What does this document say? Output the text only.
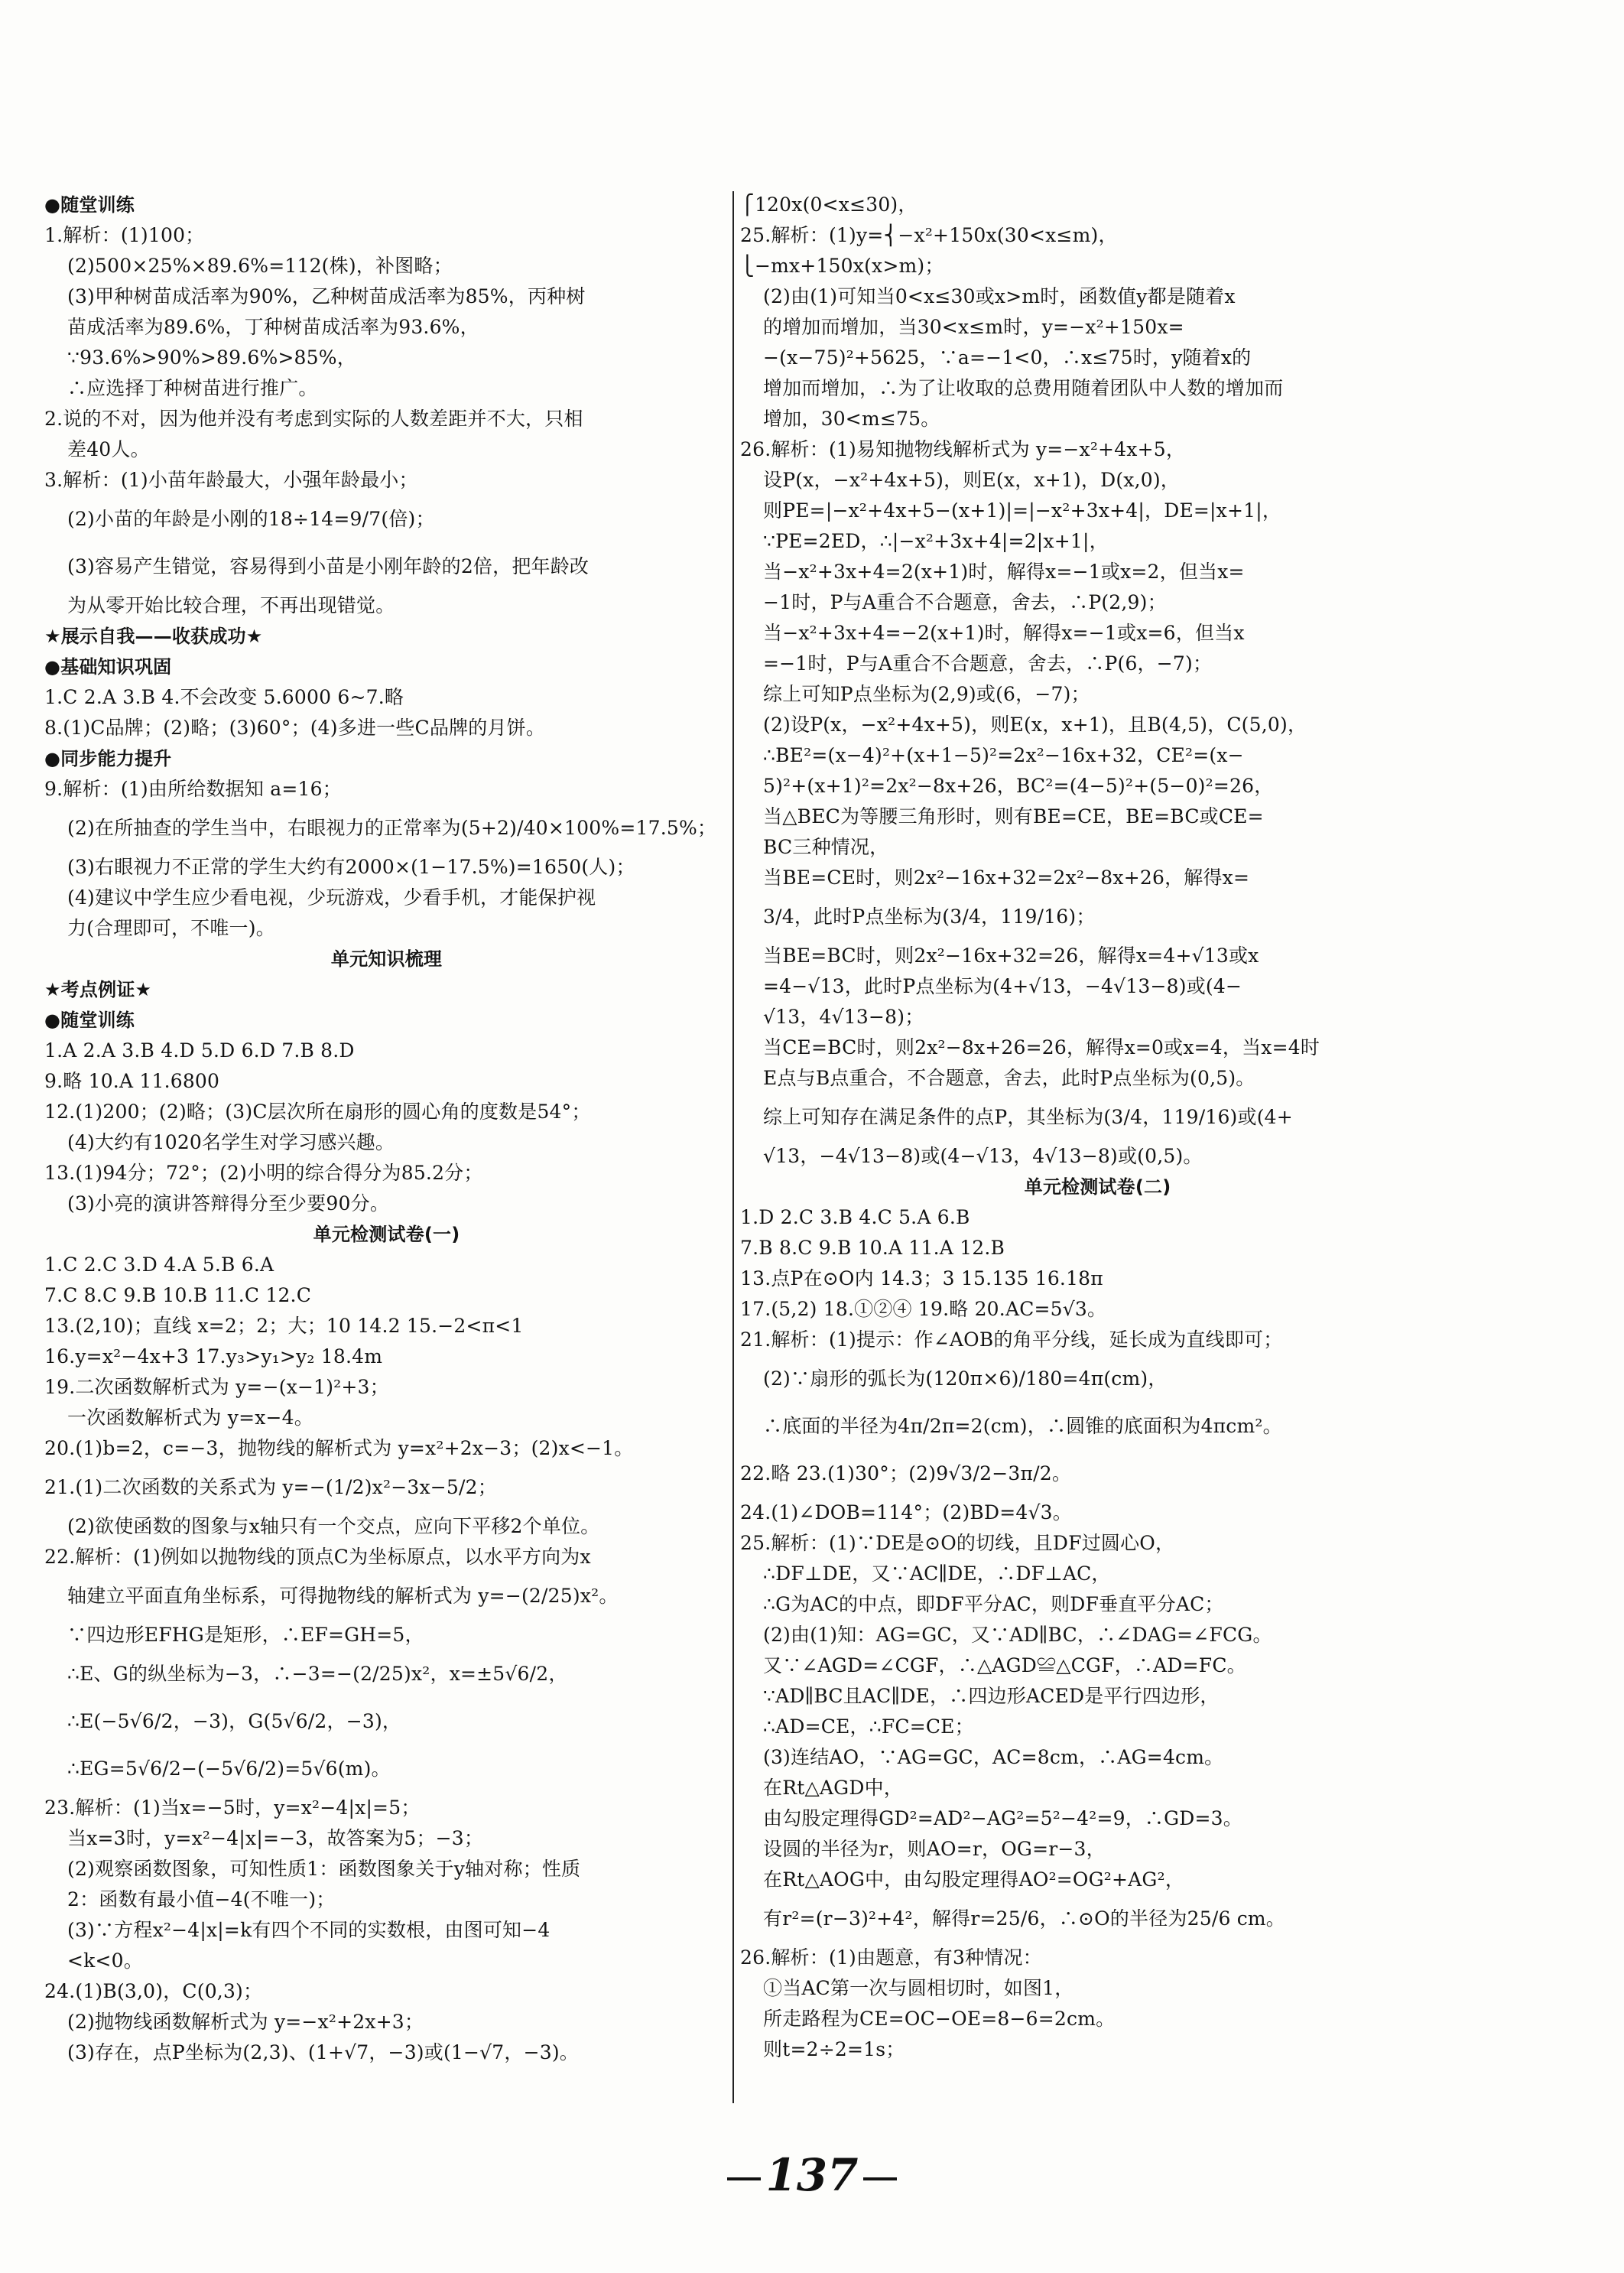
●随堂训练
1.解析：(1)100；
(2)500×25%×89.6%=112(株)，补图略；
(3)甲种树苗成活率为90%，乙种树苗成活率为85%，丙种树
苗成活率为89.6%，丁种树苗成活率为93.6%，
∵93.6%>90%>89.6%>85%，
∴应选择丁种树苗进行推广。
2.说的不对，因为他并没有考虑到实际的人数差距并不大，只相
差40人。
3.解析：(1)小苗年龄最大，小强年龄最小；
(2)小苗的年龄是小刚的18÷14=9/7(倍)；
(3)容易产生错觉，容易得到小苗是小刚年龄的2倍，把年龄改
为从零开始比较合理，不再出现错觉。
★展示自我——收获成功★
●基础知识巩固
1.C 2.A 3.B 4.不会改变 5.6000 6~7.略
8.(1)C品牌；(2)略；(3)60°；(4)多进一些C品牌的月饼。
●同步能力提升
9.解析：(1)由所给数据知 a=16；
(2)在所抽查的学生当中，右眼视力的正常率为(5+2)/40×100%=17.5%；
(3)右眼视力不正常的学生大约有2000×(1−17.5%)=1650(人)；
(4)建议中学生应少看电视，少玩游戏，少看手机，才能保护视
力(合理即可，不唯一)。
单元知识梳理
★考点例证★
●随堂训练
1.A 2.A 3.B 4.D 5.D 6.D 7.B 8.D
9.略 10.A 11.6800
12.(1)200；(2)略；(3)C层次所在扇形的圆心角的度数是54°；
(4)大约有1020名学生对学习感兴趣。
13.(1)94分；72°；(2)小明的综合得分为85.2分；
(3)小亮的演讲答辩得分至少要90分。
单元检测试卷(一)
1.C 2.C 3.D 4.A 5.B 6.A
7.C 8.C 9.B 10.B 11.C 12.C
13.(2,10)；直线 x=2；2；大；10 14.2 15.−2<π<1
16.y=x²−4x+3 17.y₃>y₁>y₂ 18.4m
19.二次函数解析式为 y=−(x−1)²+3；
一次函数解析式为 y=x−4。
20.(1)b=2，c=−3，抛物线的解析式为 y=x²+2x−3；(2)x<−1。
21.(1)二次函数的关系式为 y=−(1/2)x²−3x−5/2；
(2)欲使函数的图象与x轴只有一个交点，应向下平移2个单位。
22.解析：(1)例如以抛物线的顶点C为坐标原点，以水平方向为x
轴建立平面直角坐标系，可得抛物线的解析式为 y=−(2/25)x²。
∵四边形EFHG是矩形，∴EF=GH=5，
∴E、G的纵坐标为−3，∴−3=−(2/25)x²，x=±5√6/2，
∴E(−5√6/2，−3)，G(5√6/2，−3)，
∴EG=5√6/2−(−5√6/2)=5√6(m)。
23.解析：(1)当x=−5时，y=x²−4|x|=5；
当x=3时，y=x²−4|x|=−3，故答案为5；−3；
(2)观察函数图象，可知性质1：函数图象关于y轴对称；性质
2：函数有最小值−4(不唯一)；
(3)∵方程x²−4|x|=k有四个不同的实数根，由图可知−4
<k<0。
24.(1)B(3,0)，C(0,3)；
(2)抛物线函数解析式为 y=−x²+2x+3；
(3)存在，点P坐标为(2,3)、(1+√7，−3)或(1−√7，−3)。
⎧120x(0<x≤30)，
25.解析：(1)y=⎨−x²+150x(30<x≤m)，
⎩−mx+150x(x>m)；
(2)由(1)可知当0<x≤30或x>m时，函数值y都是随着x
的增加而增加，当30<x≤m时，y=−x²+150x=
−(x−75)²+5625，∵a=−1<0，∴x≤75时，y随着x的
增加而增加，∴为了让收取的总费用随着团队中人数的增加而
增加，30<m≤75。
26.解析：(1)易知抛物线解析式为 y=−x²+4x+5，
设P(x，−x²+4x+5)，则E(x，x+1)，D(x,0)，
则PE=|−x²+4x+5−(x+1)|=|−x²+3x+4|，DE=|x+1|，
∵PE=2ED，∴|−x²+3x+4|=2|x+1|，
当−x²+3x+4=2(x+1)时，解得x=−1或x=2，但当x=
−1时，P与A重合不合题意，舍去，∴P(2,9)；
当−x²+3x+4=−2(x+1)时，解得x=−1或x=6，但当x
=−1时，P与A重合不合题意，舍去，∴P(6，−7)；
综上可知P点坐标为(2,9)或(6，−7)；
(2)设P(x，−x²+4x+5)，则E(x，x+1)，且B(4,5)，C(5,0)，
∴BE²=(x−4)²+(x+1−5)²=2x²−16x+32，CE²=(x−
5)²+(x+1)²=2x²−8x+26，BC²=(4−5)²+(5−0)²=26，
当△BEC为等腰三角形时，则有BE=CE，BE=BC或CE=
BC三种情况，
当BE=CE时，则2x²−16x+32=2x²−8x+26，解得x=
3/4，此时P点坐标为(3/4，119/16)；
当BE=BC时，则2x²−16x+32=26，解得x=4+√13或x
=4−√13，此时P点坐标为(4+√13，−4√13−8)或(4−
√13，4√13−8)；
当CE=BC时，则2x²−8x+26=26，解得x=0或x=4，当x=4时
E点与B点重合，不合题意，舍去，此时P点坐标为(0,5)。
综上可知存在满足条件的点P，其坐标为(3/4，119/16)或(4+
√13，−4√13−8)或(4−√13，4√13−8)或(0,5)。
单元检测试卷(二)
1.D 2.C 3.B 4.C 5.A 6.B
7.B 8.C 9.B 10.A 11.A 12.B
13.点P在⊙O内 14.3；3 15.135 16.18π
17.(5,2) 18.①②④ 19.略 20.AC=5√3。
21.解析：(1)提示：作∠AOB的角平分线，延长成为直线即可；
(2)∵扇形的弧长为(120π×6)/180=4π(cm)，
∴底面的半径为4π/2π=2(cm)，∴圆锥的底面积为4πcm²。
22.略 23.(1)30°；(2)9√3/2−3π/2。
24.(1)∠DOB=114°；(2)BD=4√3。
25.解析：(1)∵DE是⊙O的切线，且DF过圆心O，
∴DF⊥DE，又∵AC∥DE，∴DF⊥AC，
∴G为AC的中点，即DF平分AC，则DF垂直平分AC；
(2)由(1)知：AG=GC，又∵AD∥BC，∴∠DAG=∠FCG。
又∵∠AGD=∠CGF，∴△AGD≌△CGF，∴AD=FC。
∵AD∥BC且AC∥DE，∴四边形ACED是平行四边形，
∴AD=CE，∴FC=CE；
(3)连结AO，∵AG=GC，AC=8cm，∴AG=4cm。
在Rt△AGD中，
由勾股定理得GD²=AD²−AG²=5²−4²=9，∴GD=3。
设圆的半径为r，则AO=r，OG=r−3，
在Rt△AOG中，由勾股定理得AO²=OG²+AG²，
有r²=(r−3)²+4²，解得r=25/6，∴⊙O的半径为25/6 cm。
26.解析：(1)由题意，有3种情况：
①当AC第一次与圆相切时，如图1，
所走路程为CE=OC−OE=8−6=2cm。
则t=2÷2=1s；
137
